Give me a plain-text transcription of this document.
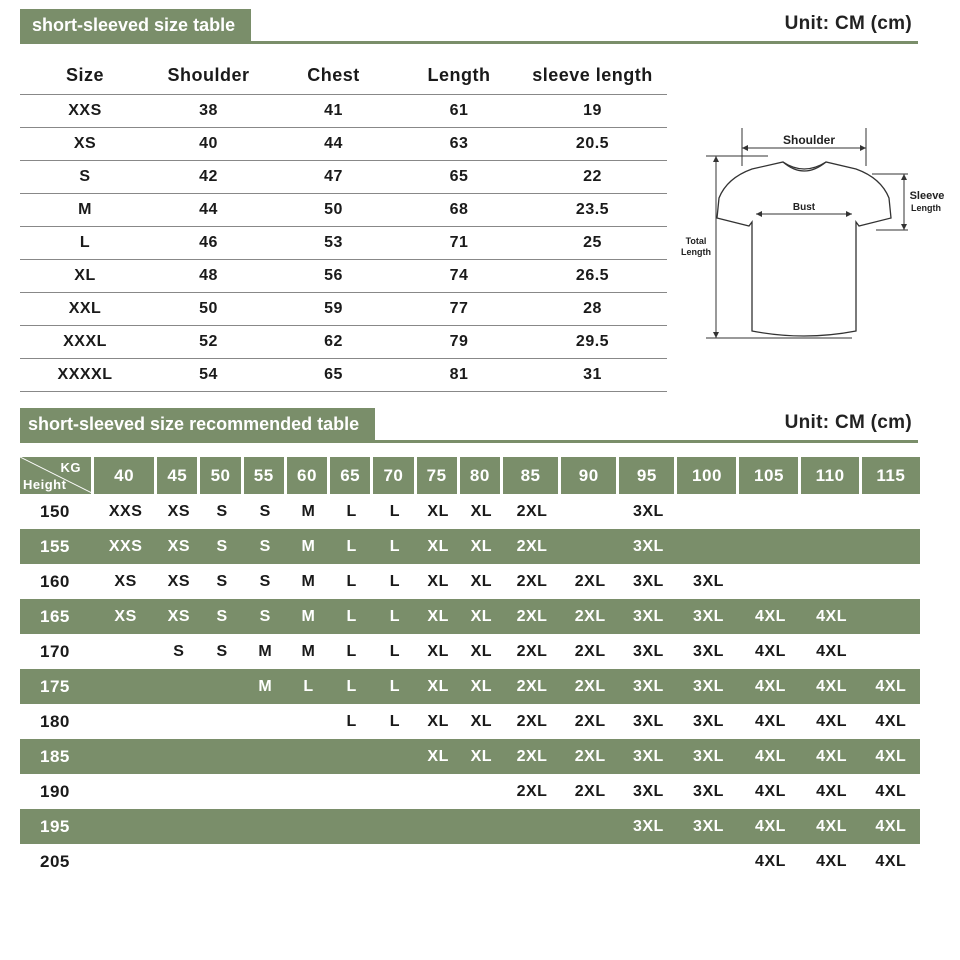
short-sleeved size table	Unit: CM (cm)
Size	Shoulder	Chest	Length	sleeve length
XXS	38	41	61	19
XS	40	44	63	20.5
S	42	47	65	22
M	44	50	68	23.5
L	46	53	71	25
XL	48	56	74	26.5
XXL	50	59	77	28
XXXL	52	62	79	29.5
XXXXL	54	65	81	31
Shoulder
Bust
Sleeve
Length
Total
Length
short-sleeved size recommended table	Unit: CM (cm)
KG
Height	40	45	50	55	60	65	70	75	80	85	90	95	100	105	110	115
150	XXS	XS	S	S	M	L	L	XL	XL	2XL		3XL				
155	XXS	XS	S	S	M	L	L	XL	XL	2XL		3XL				
160	XS	XS	S	S	M	L	L	XL	XL	2XL	2XL	3XL	3XL			
165	XS	XS	S	S	M	L	L	XL	XL	2XL	2XL	3XL	3XL	4XL	4XL	
170		S	S	M	M	L	L	XL	XL	2XL	2XL	3XL	3XL	4XL	4XL	
175				M	L	L	L	XL	XL	2XL	2XL	3XL	3XL	4XL	4XL	4XL
180						L	L	XL	XL	2XL	2XL	3XL	3XL	4XL	4XL	4XL
185								XL	XL	2XL	2XL	3XL	3XL	4XL	4XL	4XL
190										2XL	2XL	3XL	3XL	4XL	4XL	4XL
195												3XL	3XL	4XL	4XL	4XL
205														4XL	4XL	4XL
